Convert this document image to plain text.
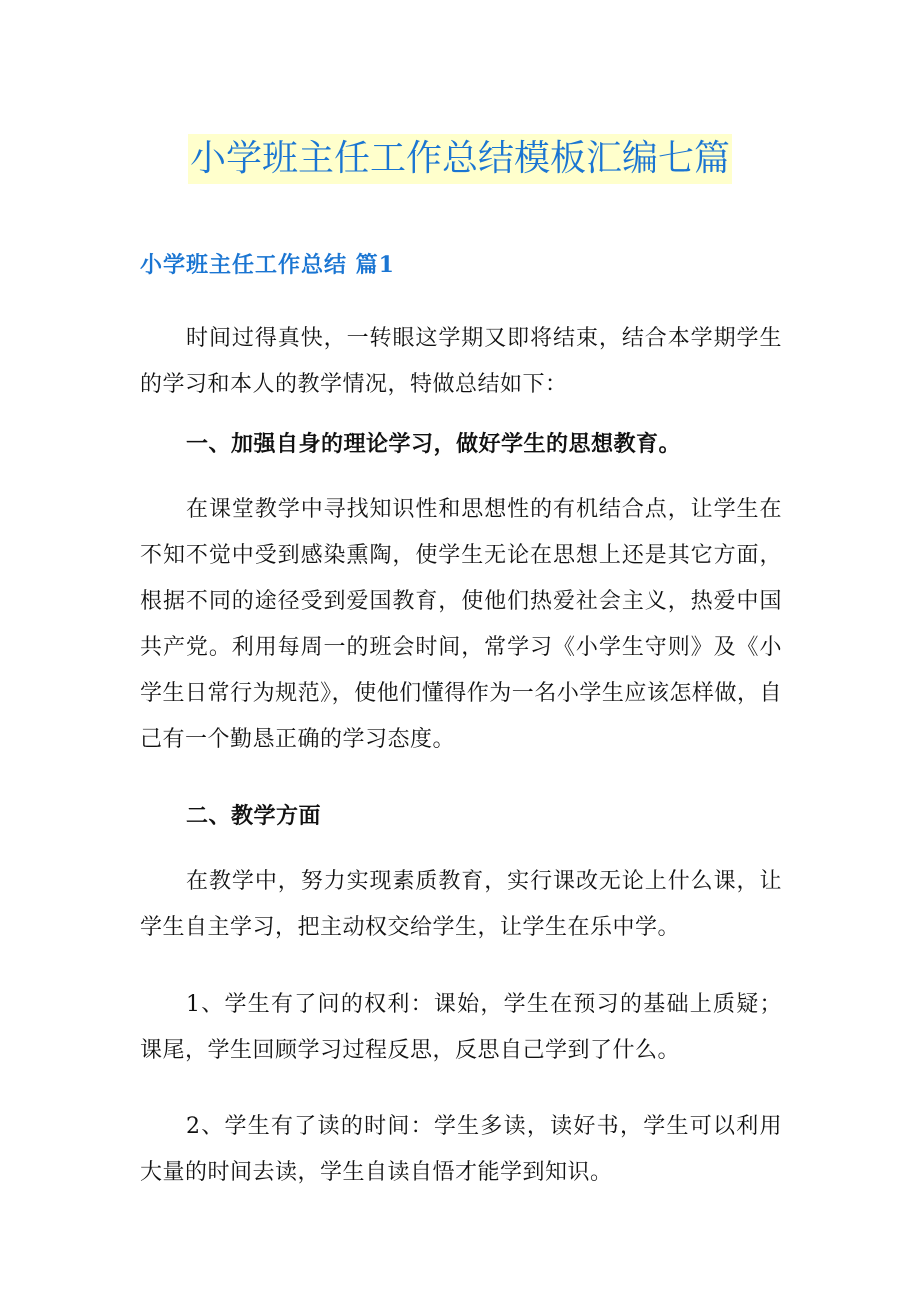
小学班主任工作总结模板汇编七篇
小学班主任工作总结 篇1

时间过得真快，一转眼这学期又即将结束，结合本学期学生的学习和本人的教学情况，特做总结如下：

一、加强自身的理论学习，做好学生的思想教育。

在课堂教学中寻找知识性和思想性的有机结合点，让学生在不知不觉中受到感染熏陶，使学生无论在思想上还是其它方面，根据不同的途径受到爱国教育，使他们热爱社会主义，热爱中国共产党。利用每周一的班会时间，常学习《小学生守则》及《小学生日常行为规范》，使他们懂得作为一名小学生应该怎样做，自己有一个勤恳正确的学习态度。

二、教学方面

在教学中，努力实现素质教育，实行课改无论上什么课，让学生自主学习，把主动权交给学生，让学生在乐中学。

1、学生有了问的权利：课始，学生在预习的基础上质疑；课尾，学生回顾学习过程反思，反思自己学到了什么。

2、学生有了读的时间：学生多读，读好书，学生可以利用大量的时间去读，学生自读自悟才能学到知识。
